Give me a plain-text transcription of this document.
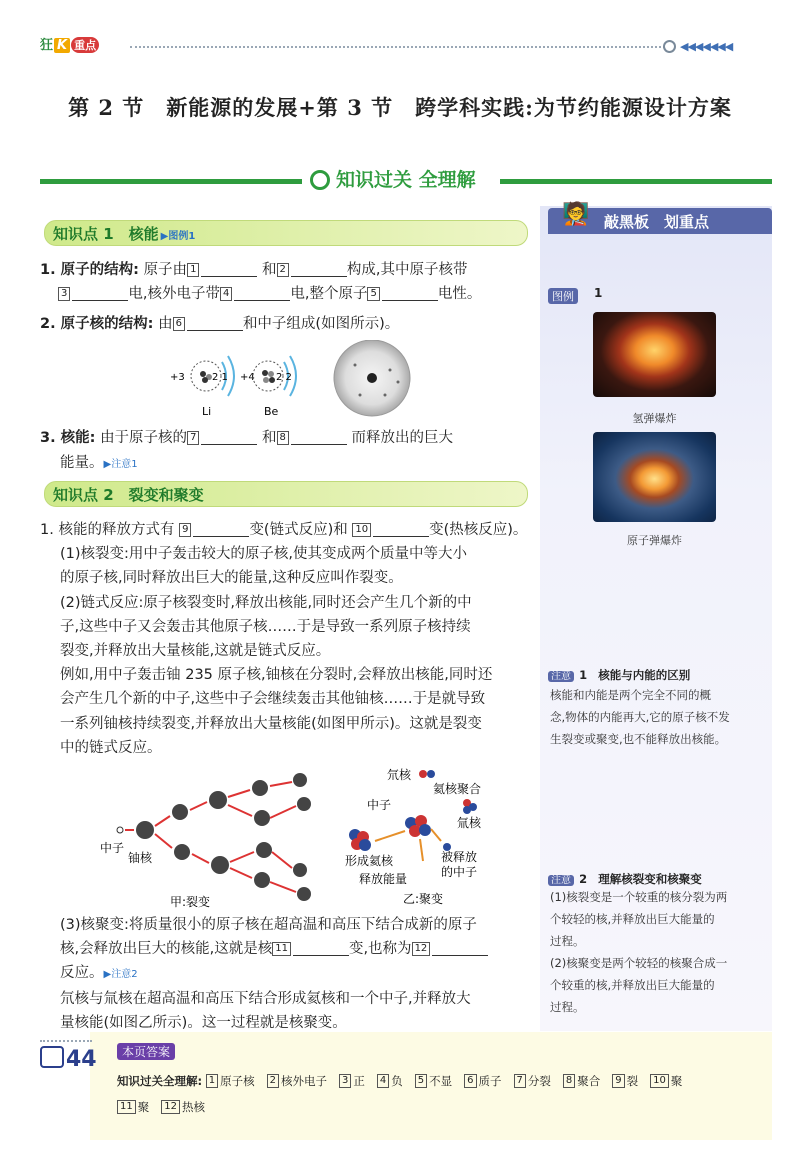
狂 K 重点	◀◀◀◀◀◀◀
第 2 节　新能源的发展+第 3 节　跨学科实践:为节约能源设计方案
知识过关 全理解
知识点 1　核能 ▶图例1
1. 原子的结构: 原子由 1	和 2	构成,其中原子核带
3	电,核外电子带 4	电,整个原子 5	电性。
2. 原子核的结构: 由 6	和中子组成(如图所示)。
+3	2 1
Li
+4 2 2
Be
3. 核能: 由于原子核的 7	和 8	而释放出的巨大
能量。▶注意1
知识点 2　裂变和聚变
1. 核能的释放方式有 9	变(链式反应)和 10	变(热核反应)。
(1)核裂变:用中子轰击较大的原子核,使其变成两个质量中等大小
的原子核,同时释放出巨大的能量,这种反应叫作裂变。
(2)链式反应:原子核裂变时,释放出核能,同时还会产生几个新的中
子,这些中子又会轰击其他原子核……于是导致一系列原子核持续
裂变,并释放出大量核能,这就是链式反应。
例如,用中子轰击铀 235 原子核,铀核在分裂时,会释放出核能,同时还
会产生几个新的中子,这些中子会继续轰击其他铀核……于是就导致
一系列铀核持续裂变,并释放出大量核能(如图甲所示)。这就是裂变
中的链式反应。
中子
铀核
甲:裂变
氘核
氦核聚合
中子
氚核
形成氦核	被释放
的中子
释放能量
乙:聚变
(3)核聚变:将质量很小的原子核在超高温和高压下结合成新的原子
核,会释放出巨大的核能,这就是核 11	变,也称为 12
反应。▶注意2
氘核与氚核在超高温和高压下结合形成氦核和一个中子,并释放大
量核能(如图乙所示)。这一过程就是核聚变。
🧑‍🏫 敲黑板　划重点
图例	1
氢弹爆炸
原子弹爆炸
注意 1 核能与内能的区别
核能和内能是两个完全不同的概
念,物体的内能再大,它的原子核不发
生裂变或聚变,也不能释放出核能。
注意 2 理解核裂变和核聚变
(1)核裂变是一个较重的核分裂为两
个较轻的核,并释放出巨大能量的
过程。
(2)核聚变是两个较轻的核聚合成一
个较重的核,并释放出巨大能量的
过程。
44	本页答案
知识过关全理解: 1 原子核 2 核外电子 3 正 4 负 5 不显 6 质子 7 分裂 8 聚合 9 裂 10 聚
11 聚 12 热核
